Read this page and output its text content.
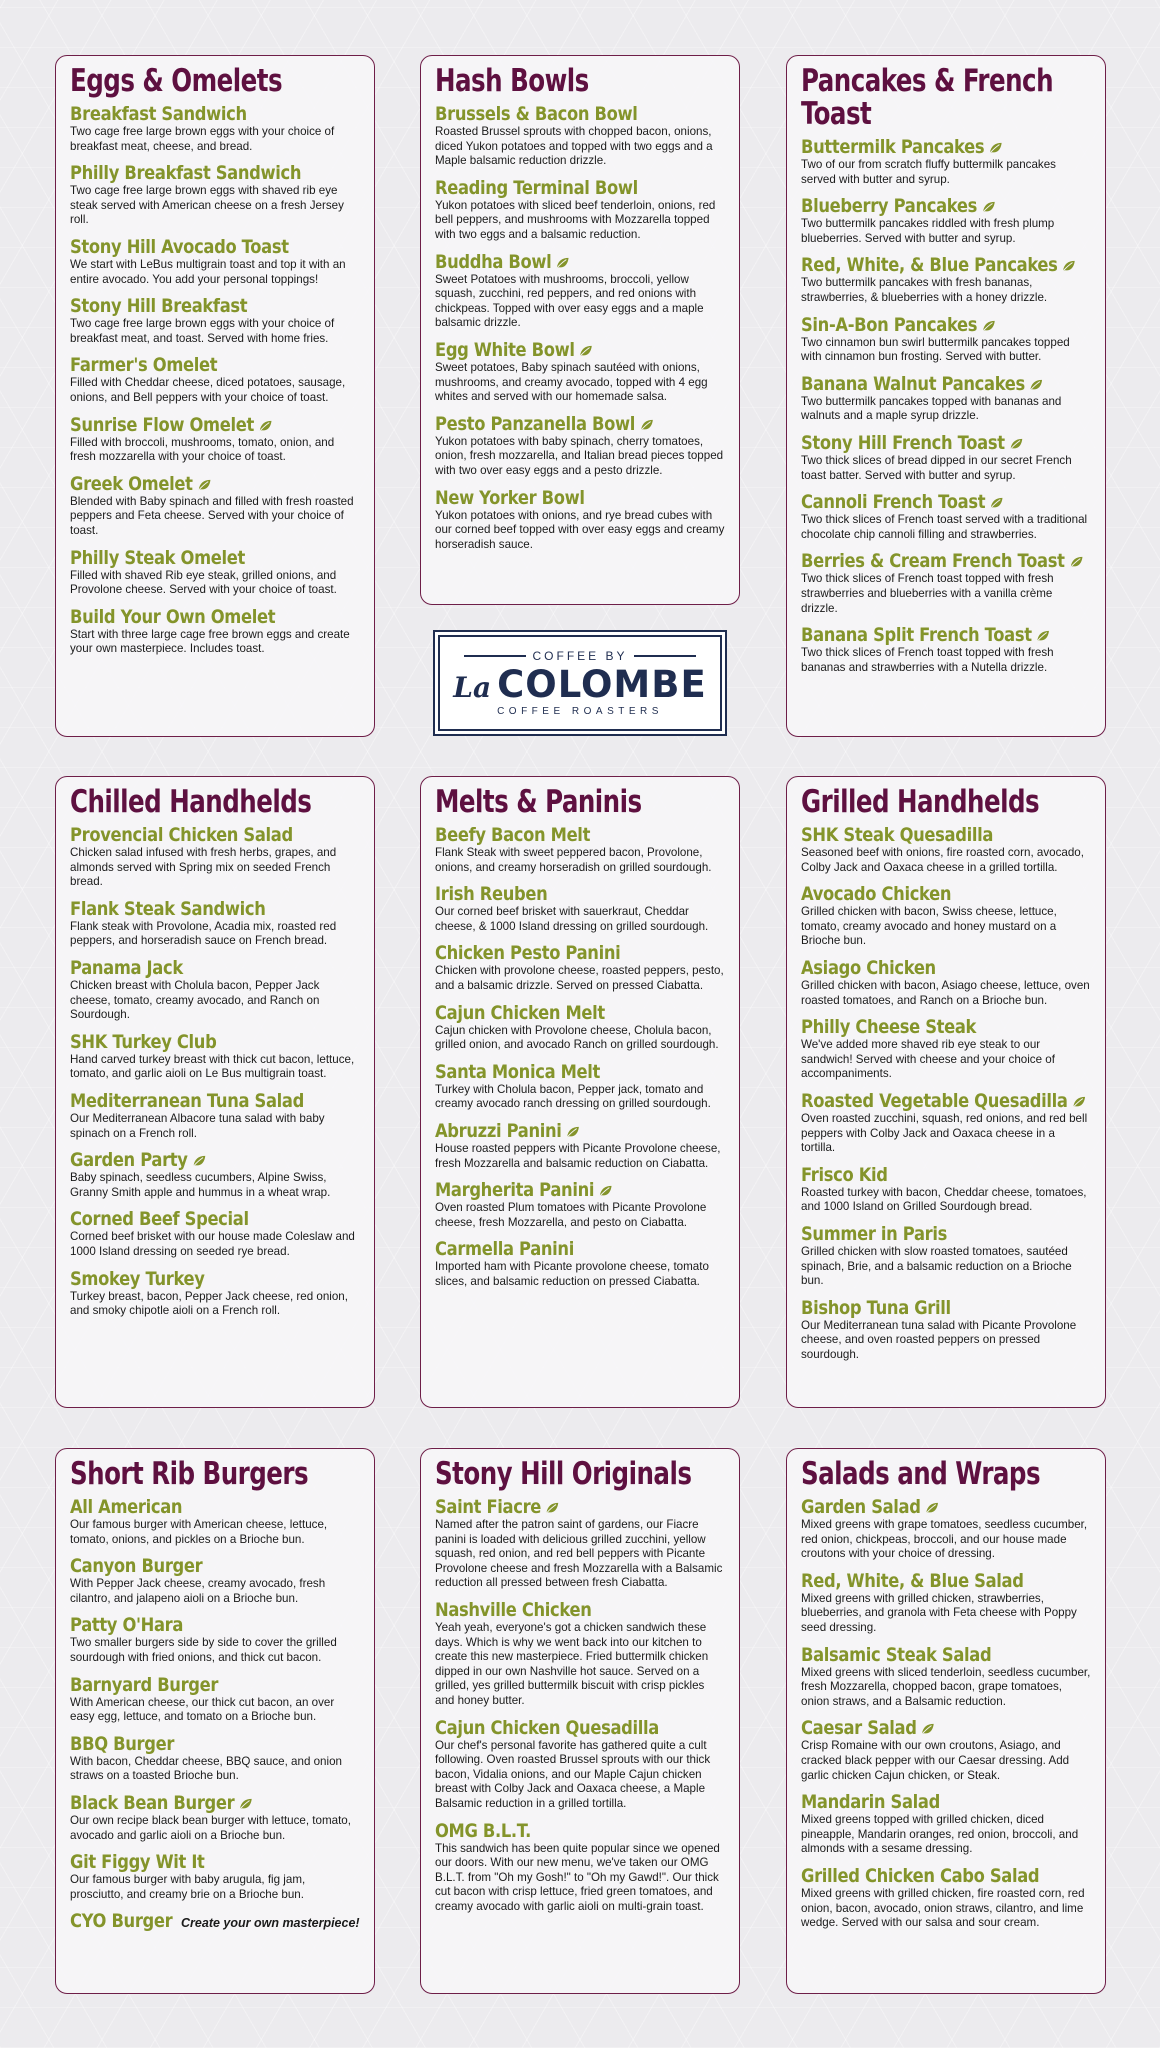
Eggs & Omelets
Breakfast Sandwich
Two cage free large brown eggs with your choice of breakfast meat, cheese, and bread.
Philly Breakfast Sandwich
Two cage free large brown eggs with shaved rib eye steak served with American cheese on a fresh Jersey roll.
Stony Hill Avocado Toast
We start with LeBus multigrain toast and top it with an entire avocado. You add your personal toppings!
Stony Hill Breakfast
Two cage free large brown eggs with your choice of breakfast meat, and toast. Served with home fries.
Farmer's Omelet
Filled with Cheddar cheese, diced potatoes, sausage, onions, and Bell peppers with your choice of toast.
Sunrise Flow Omelet
Filled with broccoli, mushrooms, tomato, onion, and fresh mozzarella with your choice of toast.
Greek Omelet
Blended with Baby spinach and filled with fresh roasted peppers and Feta cheese. Served with your choice of toast.
Philly Steak Omelet
Filled with shaved Rib eye steak, grilled onions, and Provolone cheese. Served with your choice of toast.
Build Your Own Omelet
Start with three large cage free brown eggs and create your own masterpiece. Includes toast.
Hash Bowls
Brussels & Bacon Bowl
Roasted Brussel sprouts with chopped bacon, onions, diced Yukon potatoes and topped with two eggs and a Maple balsamic reduction drizzle.
Reading Terminal Bowl
Yukon potatoes with sliced beef tenderloin, onions, red bell peppers, and mushrooms with Mozzarella topped with two eggs and a balsamic reduction.
Buddha Bowl
Sweet Potatoes with mushrooms, broccoli, yellow squash, zucchini, red peppers, and red onions with chickpeas. Topped with over easy eggs and a maple balsamic drizzle.
Egg White Bowl
Sweet potatoes, Baby spinach sautéed with onions, mushrooms, and creamy avocado, topped with 4 egg whites and served with our homemade salsa.
Pesto Panzanella Bowl
Yukon potatoes with baby spinach, cherry tomatoes, onion, fresh mozzarella, and Italian bread pieces topped with two over easy eggs and a pesto drizzle.
New Yorker Bowl
Yukon potatoes with onions, and rye bread cubes with our corned beef topped with over easy eggs and creamy horseradish sauce.
Pancakes & French Toast
Buttermilk Pancakes
Two of our from scratch fluffy buttermilk pancakes served with butter and syrup.
Blueberry Pancakes
Two buttermilk pancakes riddled with fresh plump blueberries. Served with butter and syrup.
Red, White, & Blue Pancakes
Two buttermilk pancakes with fresh bananas, strawberries, & blueberries with a honey drizzle.
Sin-A-Bon Pancakes
Two cinnamon bun swirl buttermilk pancakes topped with cinnamon bun frosting. Served with butter.
Banana Walnut Pancakes
Two buttermilk pancakes topped with bananas and walnuts and a maple syrup drizzle.
Stony Hill French Toast
Two thick slices of bread dipped in our secret French toast batter. Served with butter and syrup.
Cannoli French Toast
Two thick slices of French toast served with a traditional chocolate chip cannoli filling and strawberries.
Berries & Cream French Toast
Two thick slices of French toast topped with fresh strawberries and blueberries with a vanilla crème drizzle.
Banana Split French Toast
Two thick slices of French toast topped with fresh bananas and strawberries with a Nutella drizzle.
Chilled Handhelds
Provencial Chicken Salad
Chicken salad infused with fresh herbs, grapes, and almonds served with Spring mix on seeded French bread.
Flank Steak Sandwich
Flank steak with Provolone, Acadia mix, roasted red peppers, and horseradish sauce on French bread.
Panama Jack
Chicken breast with Cholula bacon, Pepper Jack cheese, tomato, creamy avocado, and Ranch on Sourdough.
SHK Turkey Club
Hand carved turkey breast with thick cut bacon, lettuce, tomato, and garlic aioli on Le Bus multigrain toast.
Mediterranean Tuna Salad
Our Mediterranean Albacore tuna salad with baby spinach on a French roll.
Garden Party
Baby spinach, seedless cucumbers, Alpine Swiss, Granny Smith apple and hummus in a wheat wrap.
Corned Beef Special
Corned beef brisket with our house made Coleslaw and 1000 Island dressing on seeded rye bread.
Smokey Turkey
Turkey breast, bacon, Pepper Jack cheese, red onion, and smoky chipotle aioli on a French roll.
Melts & Paninis
Beefy Bacon Melt
Flank Steak with sweet peppered bacon, Provolone, onions, and creamy horseradish on grilled sourdough.
Irish Reuben
Our corned beef brisket with sauerkraut, Cheddar cheese, & 1000 Island dressing on grilled sourdough.
Chicken Pesto Panini
Chicken with provolone cheese, roasted peppers, pesto, and a balsamic drizzle. Served on pressed Ciabatta.
Cajun Chicken Melt
Cajun chicken with Provolone cheese, Cholula bacon, grilled onion, and avocado Ranch on grilled sourdough.
Santa Monica Melt
Turkey with Cholula bacon, Pepper jack, tomato and creamy avocado ranch dressing on grilled sourdough.
Abruzzi Panini
House roasted peppers with Picante Provolone cheese, fresh Mozzarella and balsamic reduction on Ciabatta.
Margherita Panini
Oven roasted Plum tomatoes with Picante Provolone cheese, fresh Mozzarella, and pesto on Ciabatta.
Carmella Panini
Imported ham with Picante provolone cheese, tomato slices, and balsamic reduction on pressed Ciabatta.
Grilled Handhelds
SHK Steak Quesadilla
Seasoned beef with onions, fire roasted corn, avocado, Colby Jack and Oaxaca cheese in a grilled tortilla.
Avocado Chicken
Grilled chicken with bacon, Swiss cheese, lettuce, tomato, creamy avocado and honey mustard on a Brioche bun.
Asiago Chicken
Grilled chicken with bacon, Asiago cheese, lettuce, oven roasted tomatoes, and Ranch on a Brioche bun.
Philly Cheese Steak
We've added more shaved rib eye steak to our sandwich! Served with cheese and your choice of accompaniments.
Roasted Vegetable Quesadilla
Oven roasted zucchini, squash, red onions, and red bell peppers with Colby Jack and Oaxaca cheese in a tortilla.
Frisco Kid
Roasted turkey with bacon, Cheddar cheese, tomatoes, and 1000 Island on Grilled Sourdough bread.
Summer in Paris
Grilled chicken with slow roasted tomatoes, sautéed spinach, Brie, and a balsamic reduction on a Brioche bun.
Bishop Tuna Grill
Our Mediterranean tuna salad with Picante Provolone cheese, and oven roasted peppers on pressed sourdough.
Short Rib Burgers
All American
Our famous burger with American cheese, lettuce, tomato, onions, and pickles on a Brioche bun.
Canyon Burger
With Pepper Jack cheese, creamy avocado, fresh cilantro, and jalapeno aioli on a Brioche bun.
Patty O'Hara
Two smaller burgers side by side to cover the grilled sourdough with fried onions, and thick cut bacon.
Barnyard Burger
With American cheese, our thick cut bacon, an over easy egg, lettuce, and tomato on a Brioche bun.
BBQ Burger
With bacon, Cheddar cheese, BBQ sauce, and onion straws on a toasted Brioche bun.
Black Bean Burger
Our own recipe black bean burger with lettuce, tomato, avocado and garlic aioli on a Brioche bun.
Git Figgy Wit It
Our famous burger with baby arugula, fig jam, prosciutto, and creamy brie on a Brioche bun.
CYO Burger Create your own masterpiece!
Stony Hill Originals
Saint Fiacre
Named after the patron saint of gardens, our Fiacre panini is loaded with delicious grilled zucchini, yellow squash, red onion, and red bell peppers with Picante Provolone cheese and fresh Mozzarella with a Balsamic reduction all pressed between fresh Ciabatta.
Nashville Chicken
Yeah yeah, everyone's got a chicken sandwich these days. Which is why we went back into our kitchen to create this new masterpiece. Fried buttermilk chicken dipped in our own Nashville hot sauce. Served on a grilled, yes grilled buttermilk biscuit with crisp pickles and honey butter.
Cajun Chicken Quesadilla
Our chef's personal favorite has gathered quite a cult following. Oven roasted Brussel sprouts with our thick bacon, Vidalia onions, and our Maple Cajun chicken breast with Colby Jack and Oaxaca cheese, a Maple Balsamic reduction in a grilled tortilla.
OMG B.L.T.
This sandwich has been quite popular since we opened our doors. With our new menu, we've taken our OMG B.L.T. from "Oh my Gosh!" to "Oh my Gawd!". Our thick cut bacon with crisp lettuce, fried green tomatoes, and creamy avocado with garlic aioli on multi-grain toast.
Salads and Wraps
Garden Salad
Mixed greens with grape tomatoes, seedless cucumber, red onion, chickpeas, broccoli, and our house made croutons with your choice of dressing.
Red, White, & Blue Salad
Mixed greens with grilled chicken, strawberries, blueberries, and granola with Feta cheese with Poppy seed dressing.
Balsamic Steak Salad
Mixed greens with sliced tenderloin, seedless cucumber, fresh Mozzarella, chopped bacon, grape tomatoes, onion straws, and a Balsamic reduction.
Caesar Salad
Crisp Romaine with our own croutons, Asiago, and cracked black pepper with our Caesar dressing. Add garlic chicken Cajun chicken, or Steak.
Mandarin Salad
Mixed greens topped with grilled chicken, diced pineapple, Mandarin oranges, red onion, broccoli, and almonds with a sesame dressing.
Grilled Chicken Cabo Salad
Mixed greens with grilled chicken, fire roasted corn, red onion, bacon, avocado, onion straws, cilantro, and lime wedge. Served with our salsa and sour cream.
COFFEE BY
La COLOMBE
COFFEE ROASTERS
